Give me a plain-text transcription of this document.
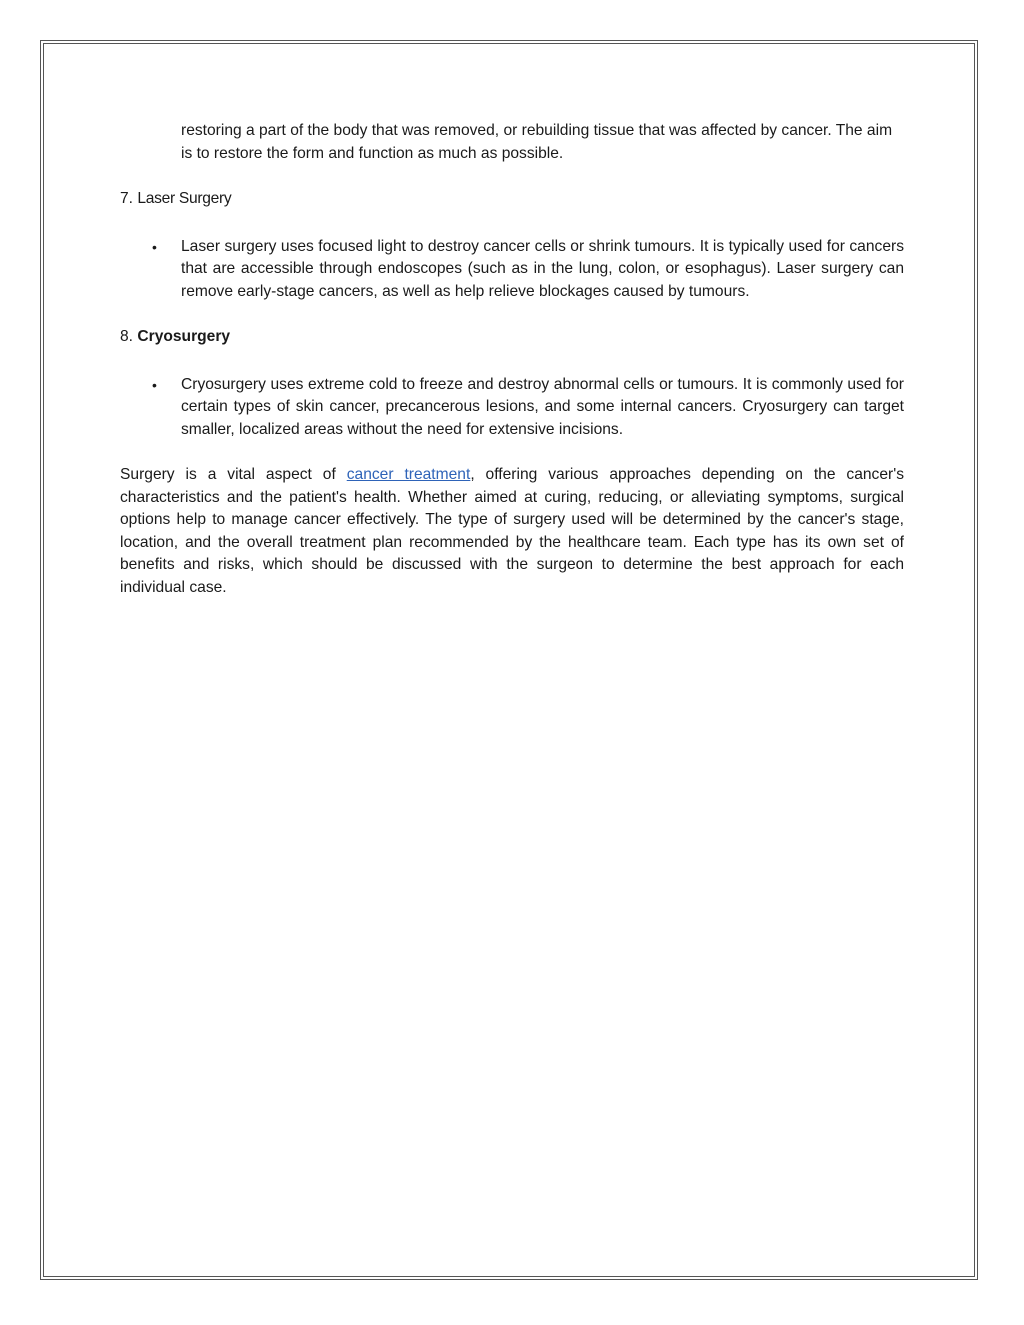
restoring a part of the body that was removed, or rebuilding tissue that was affected by cancer. The aim is to restore the form and function as much as possible.

7. Laser Surgery
• Laser surgery uses focused light to destroy cancer cells or shrink tumours. It is typically used for cancers that are accessible through endoscopes (such as in the lung, colon, or esophagus). Laser surgery can remove early-stage cancers, as well as help relieve blockages caused by tumours.
8. Cryosurgery
• Cryosurgery uses extreme cold to freeze and destroy abnormal cells or tumours. It is commonly used for certain types of skin cancer, precancerous lesions, and some internal cancers. Cryosurgery can target smaller, localized areas without the need for extensive incisions.

Surgery is a vital aspect of cancer treatment, offering various approaches depending on the cancer's characteristics and the patient's health. Whether aimed at curing, reducing, or alleviating symptoms, surgical options help to manage cancer effectively. The type of surgery used will be determined by the cancer's stage, location, and the overall treatment plan recommended by the healthcare team. Each type has its own set of benefits and risks, which should be discussed with the surgeon to determine the best approach for each individual case.
